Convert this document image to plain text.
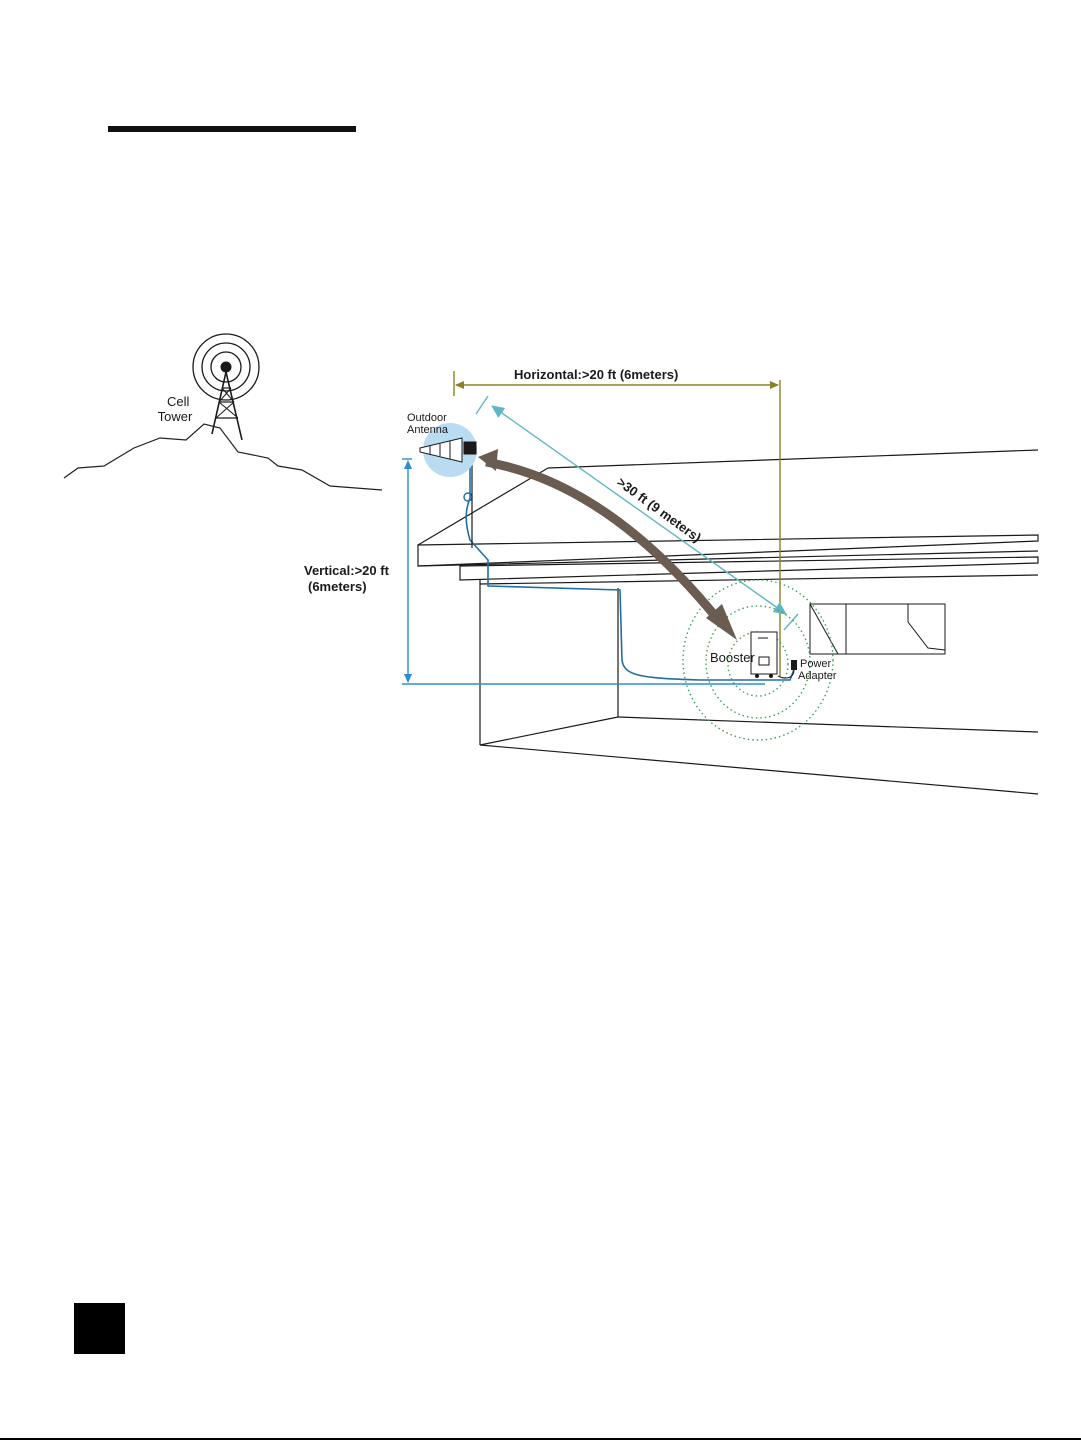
Cell Tower	Outdoor Antenna
Horizontal:>20 ft (6meters)
Vertical:>20 ft (6meters)
>30 ft (9 meters)
Booster	Power Adapter
